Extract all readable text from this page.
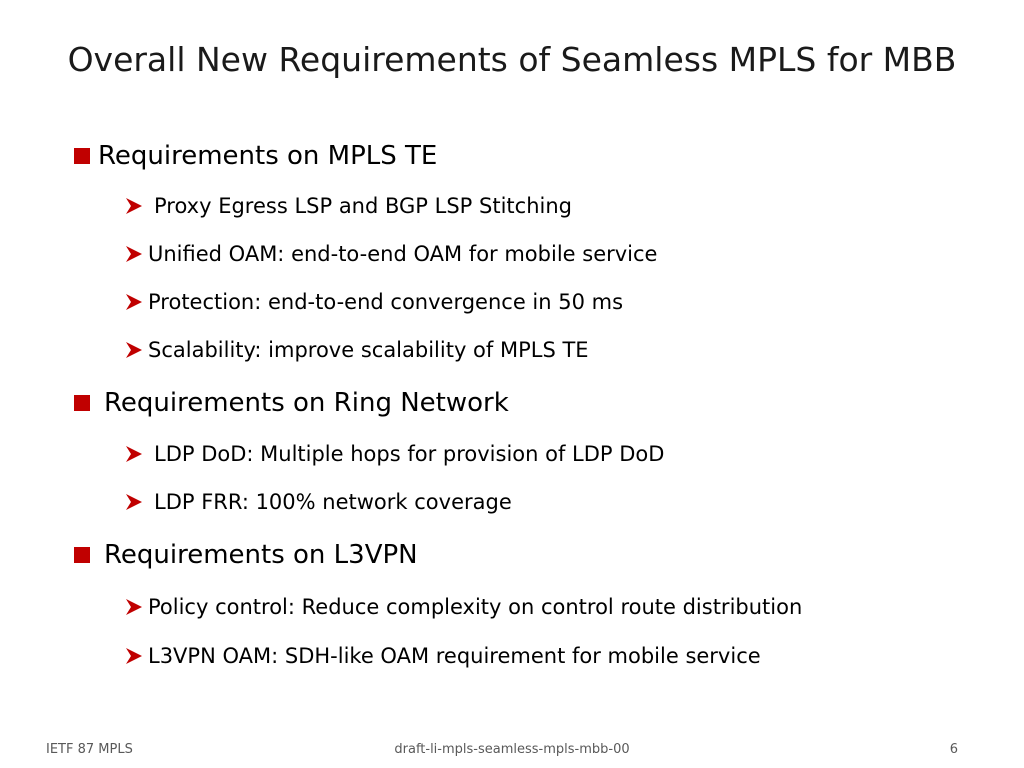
Overall New Requirements of Seamless MPLS for MBB
Requirements on MPLS TE
Proxy Egress LSP and BGP LSP Stitching
Unified OAM: end-to-end OAM for mobile service
Protection: end-to-end convergence in 50 ms
Scalability: improve scalability of MPLS TE
Requirements on Ring Network
LDP DoD: Multiple hops for provision of LDP DoD
LDP FRR: 100% network coverage
Requirements on L3VPN
Policy control: Reduce complexity on control route distribution
L3VPN OAM: SDH-like OAM requirement for mobile service
IETF 87 MPLS	draft-li-mpls-seamless-mpls-mbb-00	6
